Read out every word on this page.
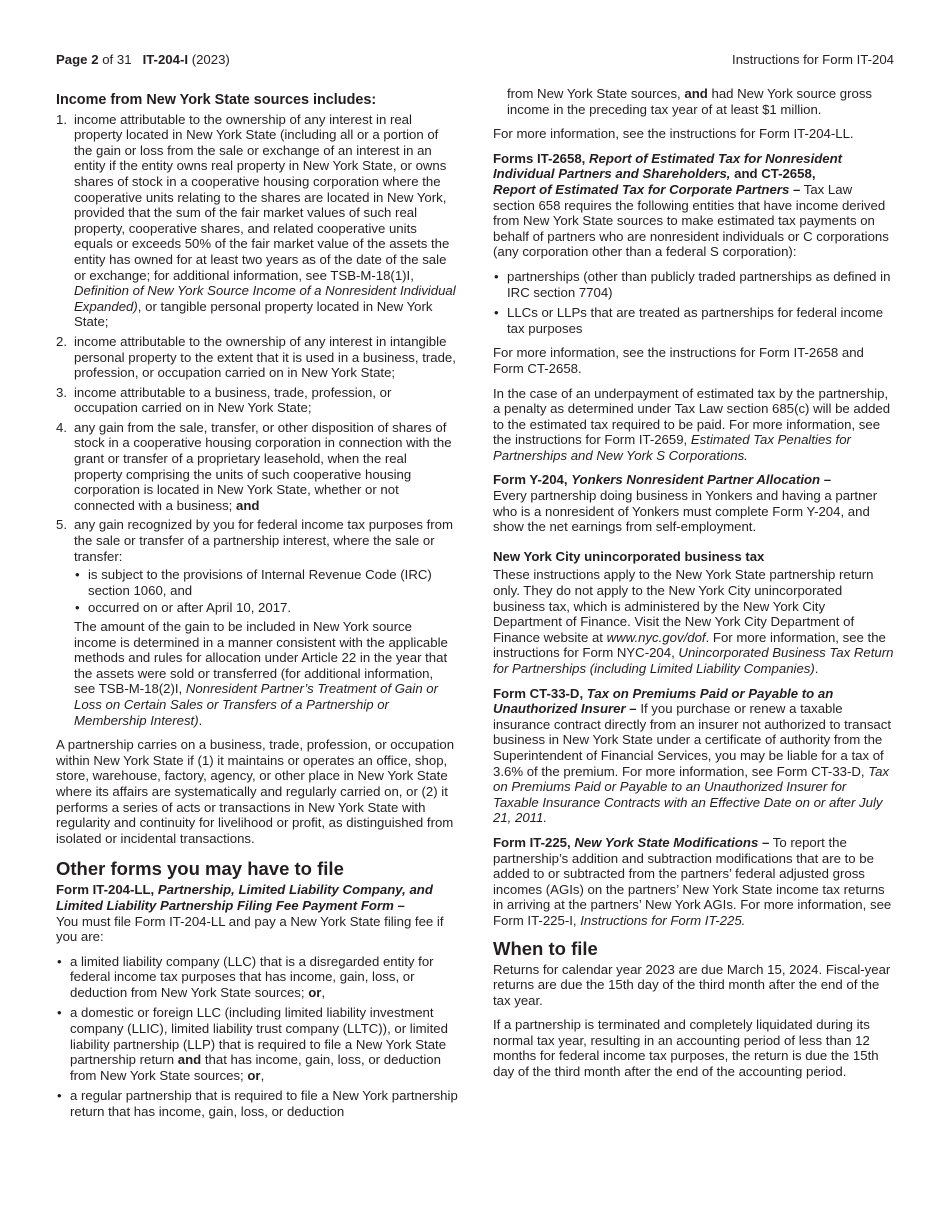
Page 2 of 31 IT-204-I (2023)	Instructions for Form IT-204
Income from New York State sources includes:
1. income attributable to the ownership of any interest in real property located in New York State (including all or a portion of the gain or loss from the sale or exchange of an interest in an entity if the entity owns real property in New York State, or owns shares of stock in a cooperative housing corporation where the cooperative units relating to the shares are located in New York, provided that the sum of the fair market values of such real property, cooperative shares, and related cooperative units equals or exceeds 50% of the fair market value of the assets the entity has owned for at least two years as of the date of the sale or exchange; for additional information, see TSB-M-18(1)I, Definition of New York Source Income of a Nonresident Individual Expanded), or tangible personal property located in New York State;
2. income attributable to the ownership of any interest in intangible personal property to the extent that it is used in a business, trade, profession, or occupation carried on in New York State;
3. income attributable to a business, trade, profession, or occupation carried on in New York State;
4. any gain from the sale, transfer, or other disposition of shares of stock in a cooperative housing corporation in connection with the grant or transfer of a proprietary leasehold, when the real property comprising the units of such cooperative housing corporation is located in New York State, whether or not connected with a business; and
5. any gain recognized by you for federal income tax purposes from the sale or transfer of a partnership interest, where the sale or transfer:
• is subject to the provisions of Internal Revenue Code (IRC) section 1060, and
• occurred on or after April 10, 2017.
The amount of the gain to be included in New York source income is determined in a manner consistent with the applicable methods and rules for allocation under Article 22 in the year that the assets were sold or transferred (for additional information, see TSB-M-18(2)I, Nonresident Partner’s Treatment of Gain or Loss on Certain Sales or Transfers of a Partnership or Membership Interest).

A partnership carries on a business, trade, profession, or occupation within New York State if (1) it maintains or operates an office, shop, store, warehouse, factory, agency, or other place in New York State where its affairs are systematically and regularly carried on, or (2) it performs a series of acts or transactions in New York State with regularity and continuity for livelihood or profit, as distinguished from isolated or incidental transactions.

Other forms you may have to file

Form IT-204-LL, Partnership, Limited Liability Company, and Limited Liability Partnership Filing Fee Payment Form –
You must file Form IT-204-LL and pay a New York State filing fee if you are:

• a limited liability company (LLC) that is a disregarded entity for federal income tax purposes that has income, gain, loss, or deduction from New York State sources; or,
• a domestic or foreign LLC (including limited liability investment company (LLIC), limited liability trust company (LLTC)), or limited liability partnership (LLP) that is required to file a New York State partnership return and that has income, gain, loss, or deduction from New York State sources; or,
• a regular partnership that is required to file a New York partnership return that has income, gain, loss, or deduction
from New York State sources, and had New York source gross income in the preceding tax year of at least $1 million.

For more information, see the instructions for Form IT-204-LL.

Forms IT-2658, Report of Estimated Tax for Nonresident Individual Partners and Shareholders, and CT-2658,
Report of Estimated Tax for Corporate Partners – Tax Law section 658 requires the following entities that have income derived from New York State sources to make estimated tax payments on behalf of partners who are nonresident individuals or C corporations (any corporation other than a federal S corporation):

• partnerships (other than publicly traded partnerships as defined in IRC section 7704)
• LLCs or LLPs that are treated as partnerships for federal income tax purposes

For more information, see the instructions for Form IT-2658 and Form CT-2658.

In the case of an underpayment of estimated tax by the partnership, a penalty as determined under Tax Law section 685(c) will be added to the estimated tax required to be paid. For more information, see the instructions for Form IT-2659, Estimated Tax Penalties for Partnerships and New York S Corporations.

Form Y-204, Yonkers Nonresident Partner Allocation –
Every partnership doing business in Yonkers and having a partner who is a nonresident of Yonkers must complete Form Y-204, and show the net earnings from self-employment.

New York City unincorporated business tax

These instructions apply to the New York State partnership return only. They do not apply to the New York City unincorporated business tax, which is administered by the New York City Department of Finance. Visit the New York City Department of Finance website at www.nyc.gov/dof. For more information, see the instructions for Form NYC-204, Unincorporated Business Tax Return for Partnerships (including Limited Liability Companies).

Form CT-33-D, Tax on Premiums Paid or Payable to an Unauthorized Insurer – If you purchase or renew a taxable insurance contract directly from an insurer not authorized to transact business in New York State under a certificate of authority from the Superintendent of Financial Services, you may be liable for a tax of 3.6% of the premium. For more information, see Form CT-33-D, Tax on Premiums Paid or Payable to an Unauthorized Insurer for Taxable Insurance Contracts with an Effective Date on or after July 21, 2011.

Form IT-225, New York State Modifications – To report the partnership’s addition and subtraction modifications that are to be added to or subtracted from the partners’ federal adjusted gross incomes (AGIs) on the partners’ New York State income tax returns in arriving at the partners’ New York AGIs. For more information, see Form IT-225-I, Instructions for Form IT-225.

When to file

Returns for calendar year 2023 are due March 15, 2024. Fiscal-year returns are due the 15th day of the third month after the end of the tax year.

If a partnership is terminated and completely liquidated during its normal tax year, resulting in an accounting period of less than 12 months for federal income tax purposes, the return is due the 15th day of the third month after the end of the accounting period.
